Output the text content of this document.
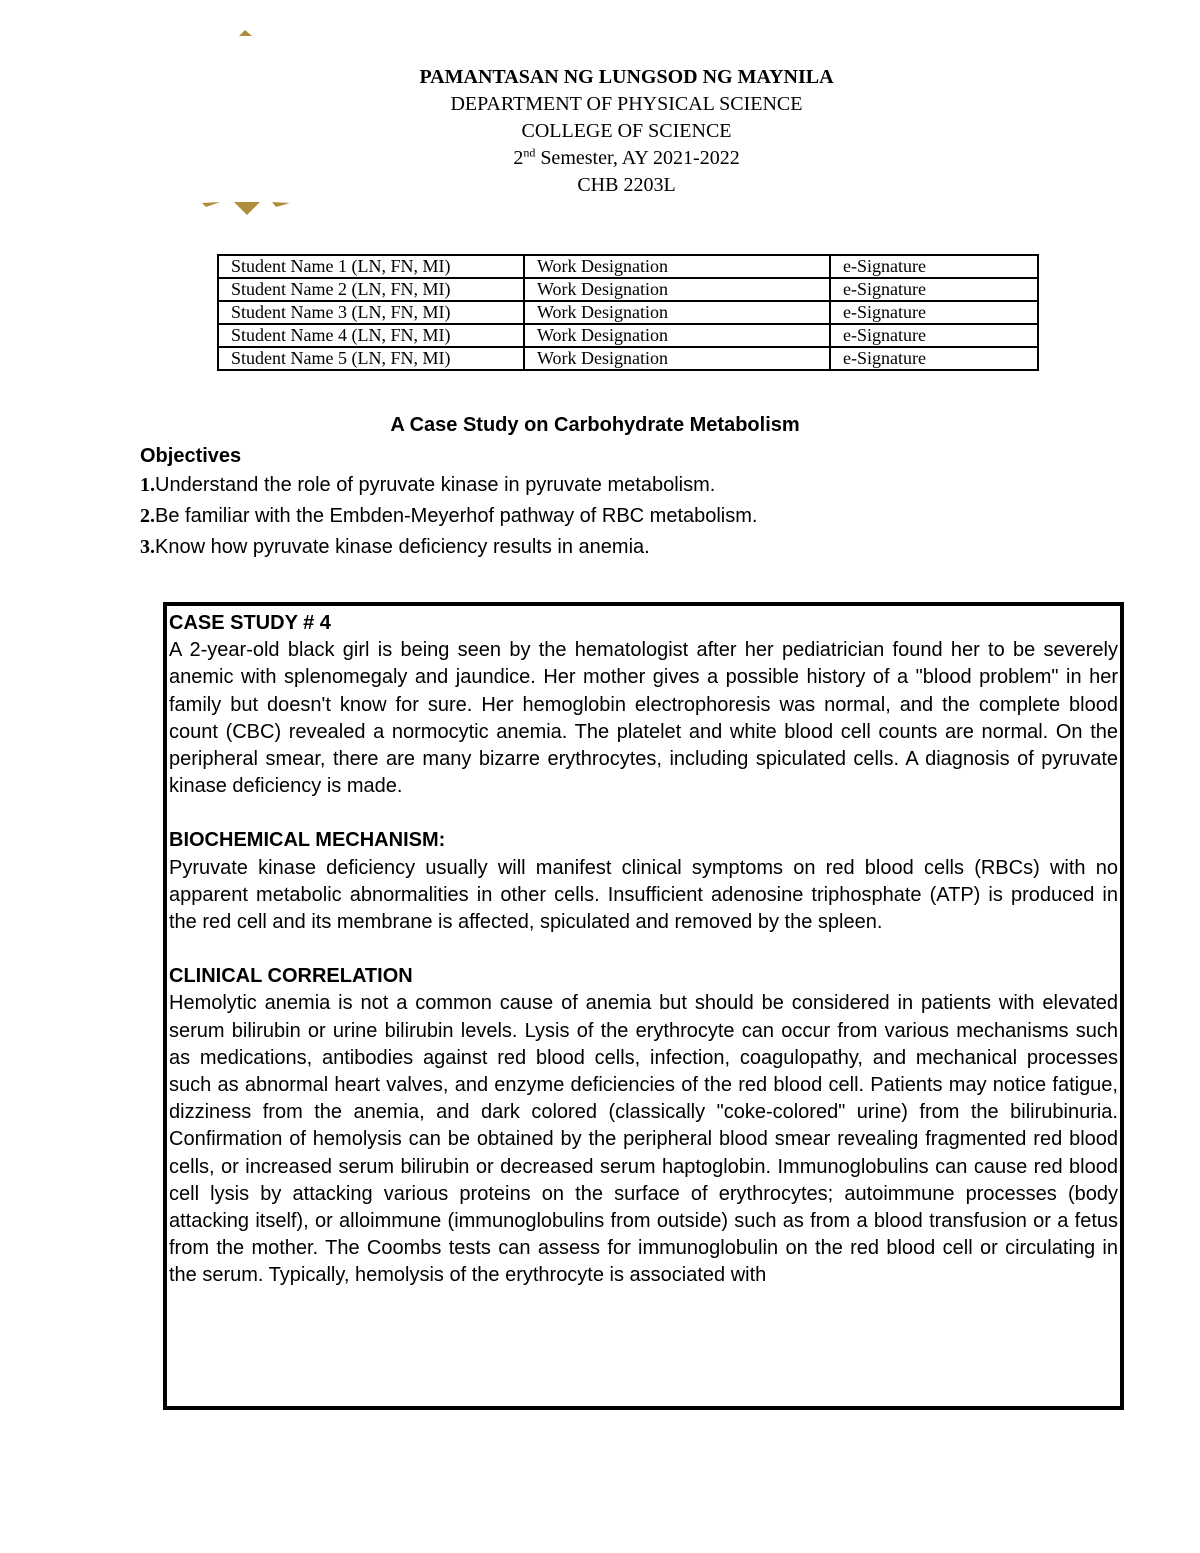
PAMANTASAN NG LUNGSOD NG MAYNILA
DEPARTMENT OF PHYSICAL SCIENCE
COLLEGE OF SCIENCE
2nd Semester, AY 2021-2022
CHB 2203L
Student Name 1 (LN, FN, MI)	Work Designation	e-Signature
Student Name 2 (LN, FN, MI)	Work Designation	e-Signature
Student Name 3 (LN, FN, MI)	Work Designation	e-Signature
Student Name 4 (LN, FN, MI)	Work Designation	e-Signature
Student Name 5 (LN, FN, MI)	Work Designation	e-Signature
A Case Study on Carbohydrate Metabolism
Objectives
1.Understand the role of pyruvate kinase in pyruvate metabolism.
2.Be familiar with the Embden-Meyerhof pathway of RBC metabolism.
3.Know how pyruvate kinase deficiency results in anemia.
CASE STUDY # 4

A 2-year-old black girl is being seen by the hematologist after her pediatrician found her to be severely anemic with splenomegaly and jaundice. Her mother gives a possible history of a "blood problem" in her family but doesn't know for sure. Her hemoglobin electrophoresis was normal, and the complete blood count (CBC) revealed a normocytic anemia. The platelet and white blood cell counts are normal. On the peripheral smear, there are many bizarre erythrocytes, including spiculated cells. A diagnosis of pyruvate kinase deficiency is made.

BIOCHEMICAL MECHANISM:

Pyruvate kinase deficiency usually will manifest clinical symptoms on red blood cells (RBCs) with no apparent metabolic abnormalities in other cells. Insufficient adenosine triphosphate (ATP) is produced in the red cell and its membrane is affected, spiculated and removed by the spleen.

CLINICAL CORRELATION

Hemolytic anemia is not a common cause of anemia but should be considered in patients with elevated serum bilirubin or urine bilirubin levels. Lysis of the erythrocyte can occur from various mechanisms such as medications, antibodies against red blood cells, infection, coagulopathy, and mechanical processes such as abnormal heart valves, and enzyme deficiencies of the red blood cell. Patients may notice fatigue, dizziness from the anemia, and dark colored (classically "coke-colored" urine) from the bilirubinuria. Confirmation of hemolysis can be obtained by the peripheral blood smear revealing fragmented red blood cells, or increased serum bilirubin or decreased serum haptoglobin. Immunoglobulins can cause red blood cell lysis by attacking various proteins on the surface of erythrocytes; autoimmune processes (body attacking itself), or alloimmune (immunoglobulins from outside) such as from a blood transfusion or a fetus from the mother. The Coombs tests can assess for immunoglobulin on the red blood cell or circulating in the serum. Typically, hemolysis of the erythrocyte is associated with
